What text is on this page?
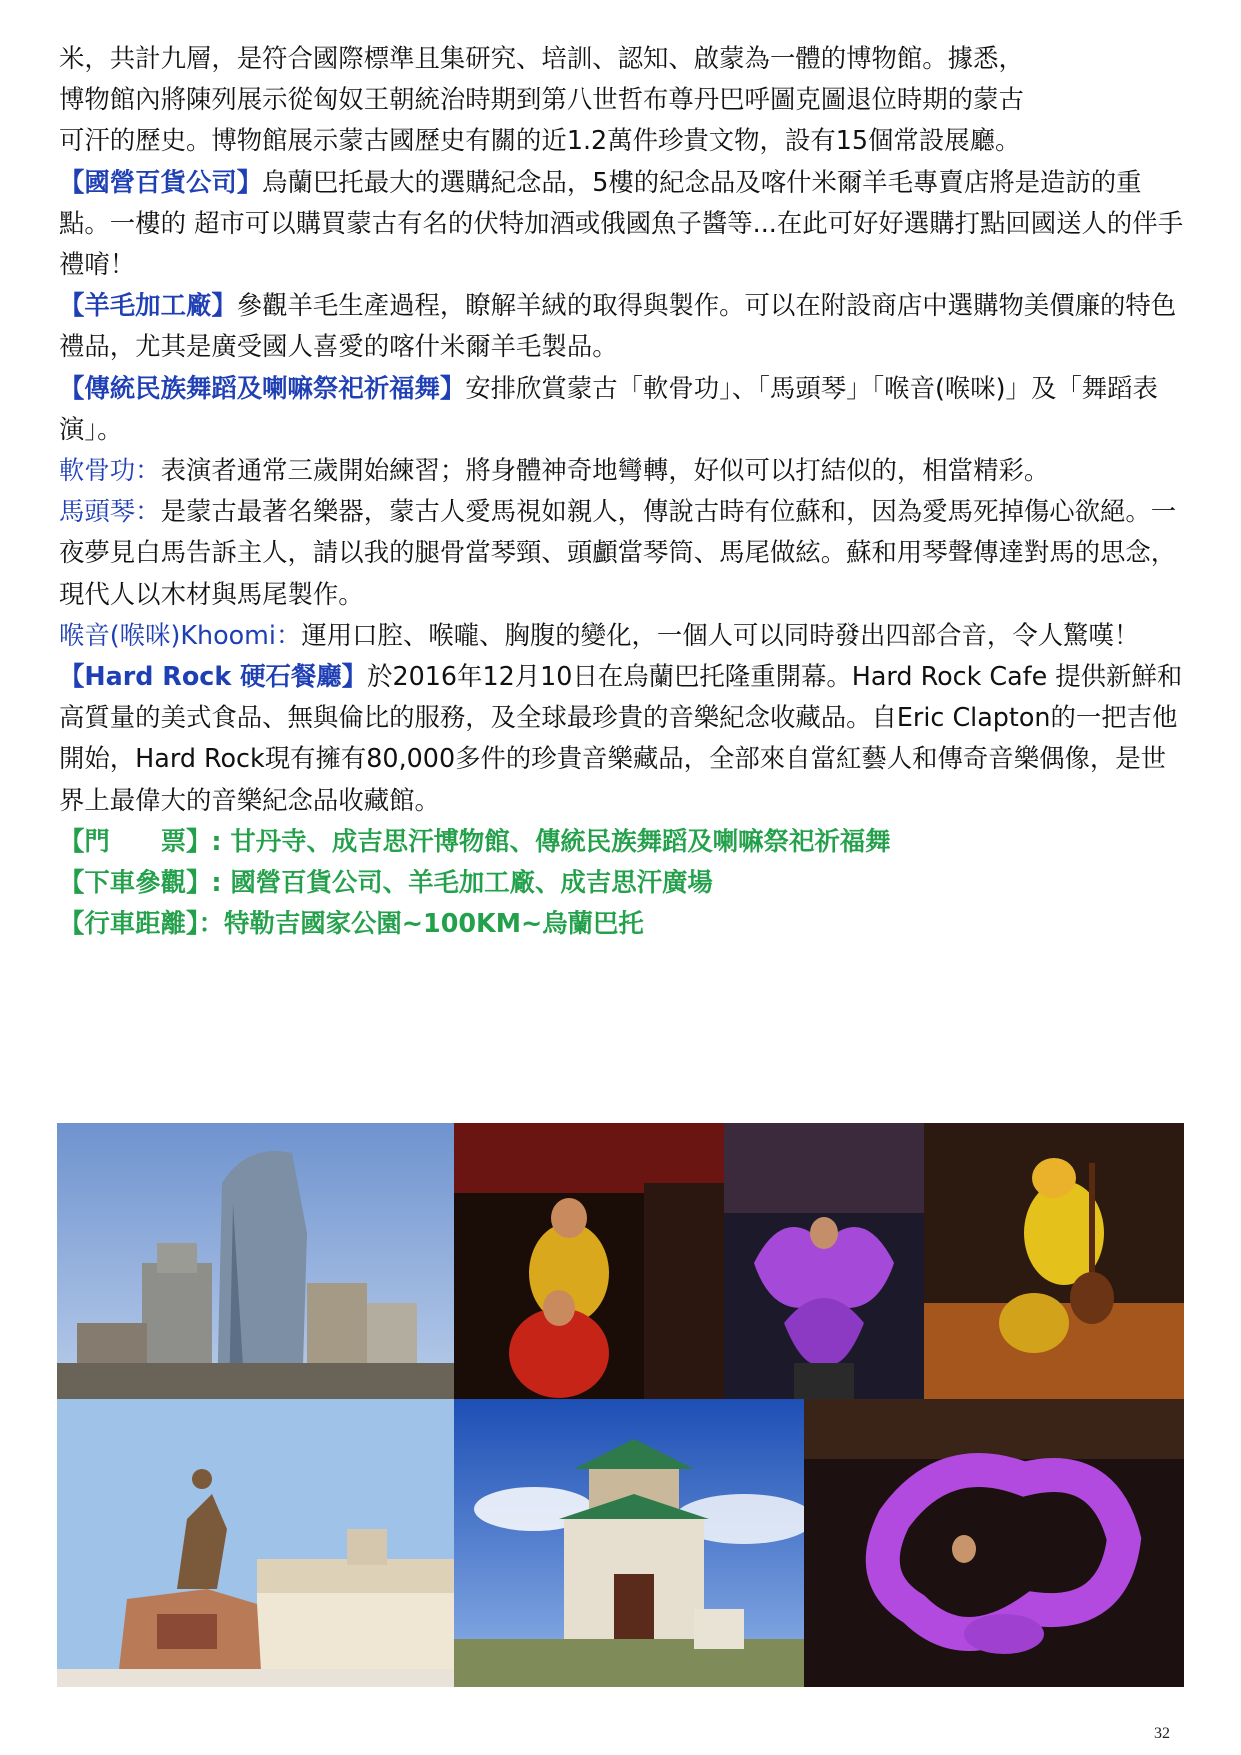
米，共計九層，是符合國際標準且集研究、培訓、認知、啟蒙為一體的博物館。據悉，

博物館內將陳列展示從匈奴王朝統治時期到第八世哲布尊丹巴呼圖克圖退位時期的蒙古

可汗的歷史。博物館展示蒙古國歷史有關的近1.2萬件珍貴文物，設有15個常設展廳。

【國營百貨公司】烏蘭巴托最大的選購紀念品，5樓的紀念品及喀什米爾羊毛專賣店將是造訪的重點。一樓的 超市可以購買蒙古有名的伏特加酒或俄國魚子醬等...在此可好好選購打點回國送人的伴手禮唷！

【羊毛加工廠】參觀羊毛生產過程，瞭解羊絨的取得與製作。可以在附設商店中選購物美價廉的特色禮品，尤其是廣受國人喜愛的喀什米爾羊毛製品。

【傳統民族舞蹈及喇嘛祭祀祈福舞】安排欣賞蒙古「軟骨功」、「馬頭琴」「喉音(喉咪)」及「舞蹈表演」。

軟骨功：表演者通常三歲開始練習；將身體神奇地彎轉，好似可以打結似的，相當精彩。

馬頭琴：是蒙古最著名樂器，蒙古人愛馬視如親人，傳說古時有位蘇和，因為愛馬死掉傷心欲絕。一夜夢見白馬告訴主人，請以我的腿骨當琴頸、頭顱當琴筒、馬尾做絃。蘇和用琴聲傳達對馬的思念，現代人以木材與馬尾製作。

喉音(喉咪)Khoomi：運用口腔、喉嚨、胸腹的變化，一個人可以同時發出四部合音，令人驚嘆！

【Hard Rock 硬石餐廳】於2016年12月10日在烏蘭巴托隆重開幕。Hard Rock Cafe 提供新鮮和高質量的美式食品、無與倫比的服務，及全球最珍貴的音樂紀念收藏品。自Eric Clapton的一把吉他開始，Hard Rock現有擁有80,000多件的珍貴音樂藏品，全部來自當紅藝人和傳奇音樂偶像，是世界上最偉大的音樂紀念品收藏館。

【門　　票】: 甘丹寺、成吉思汗博物館、傳統民族舞蹈及喇嘛祭祀祈福舞

【下車參觀】: 國營百貨公司、羊毛加工廠、成吉思汗廣場

【行車距離】：特勒吉國家公園~100KM~烏蘭巴托

32
